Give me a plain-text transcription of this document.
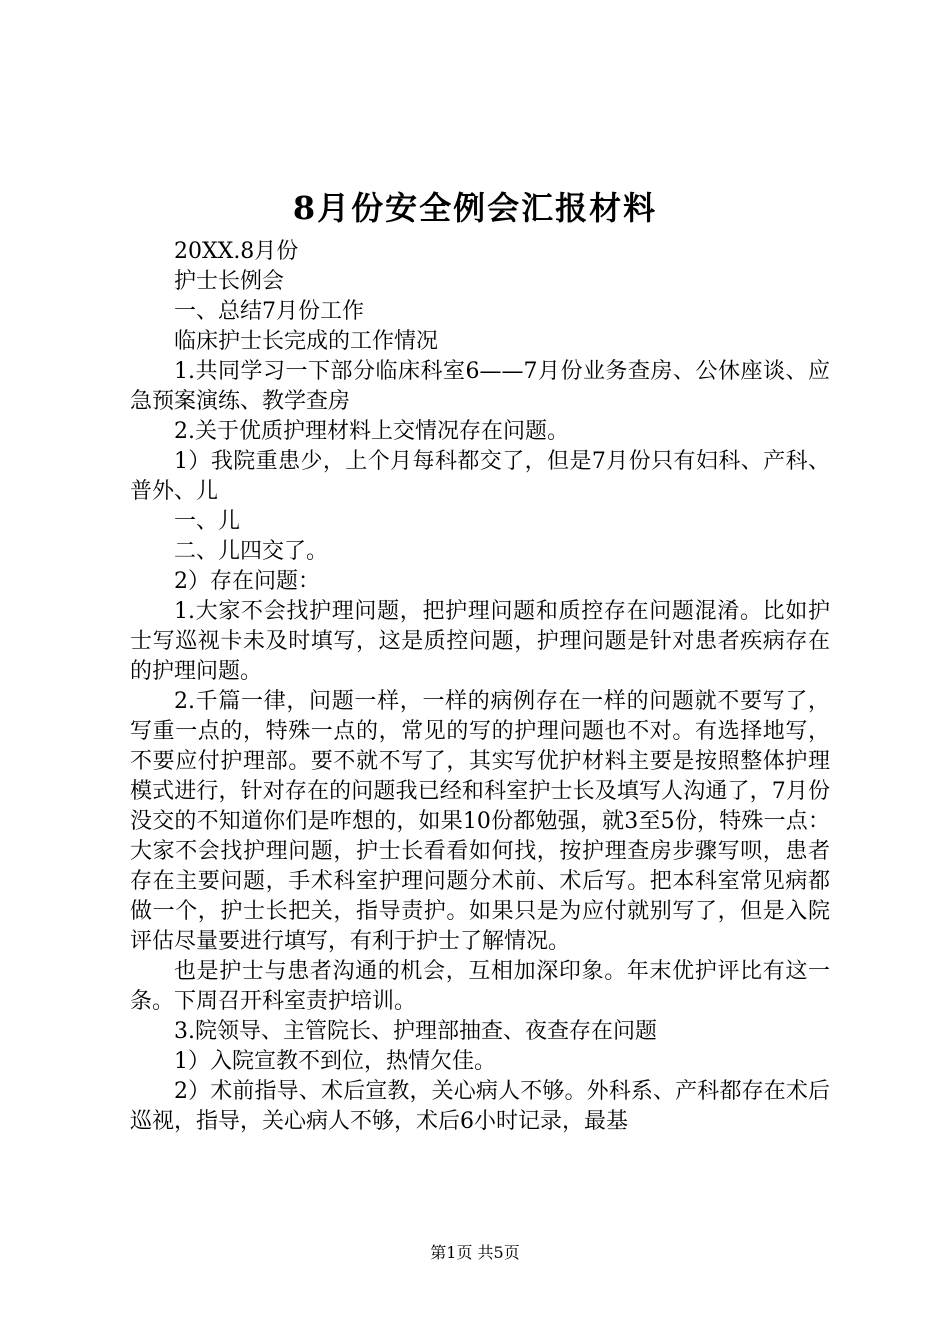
8月份安全例会汇报材料

20XX.8月份

护士长例会

一、总结7月份工作

临床护士长完成的工作情况

1.共同学习一下部分临床科室6——7月份业务查房、公休座谈、应急预案演练、教学查房

2.关于优质护理材料上交情况存在问题。

1）我院重患少，上个月每科都交了，但是7月份只有妇科、产科、普外、儿

一、儿

二、儿四交了。

2）存在问题：

1.大家不会找护理问题，把护理问题和质控存在问题混淆。比如护士写巡视卡未及时填写，这是质控问题，护理问题是针对患者疾病存在的护理问题。

2.千篇一律，问题一样，一样的病例存在一样的问题就不要写了，写重一点的，特殊一点的，常见的写的护理问题也不对。有选择地写，不要应付护理部。要不就不写了，其实写优护材料主要是按照整体护理模式进行，针对存在的问题我已经和科室护士长及填写人沟通了，7月份没交的不知道你们是咋想的，如果10份都勉强，就3至5份，特殊一点：大家不会找护理问题，护士长看看如何找，按护理查房步骤写呗，患者存在主要问题，手术科室护理问题分术前、术后写。把本科室常见病都做一个，护士长把关，指导责护。如果只是为应付就别写了，但是入院评估尽量要进行填写，有利于护士了解情况。

也是护士与患者沟通的机会，互相加深印象。年末优护评比有这一条。下周召开科室责护培训。

3.院领导、主管院长、护理部抽查、夜查存在问题

1）入院宣教不到位，热情欠佳。

2）术前指导、术后宣教，关心病人不够。外科系、产科都存在术后巡视，指导，关心病人不够，术后6小时记录，最基

第1页 共5页
